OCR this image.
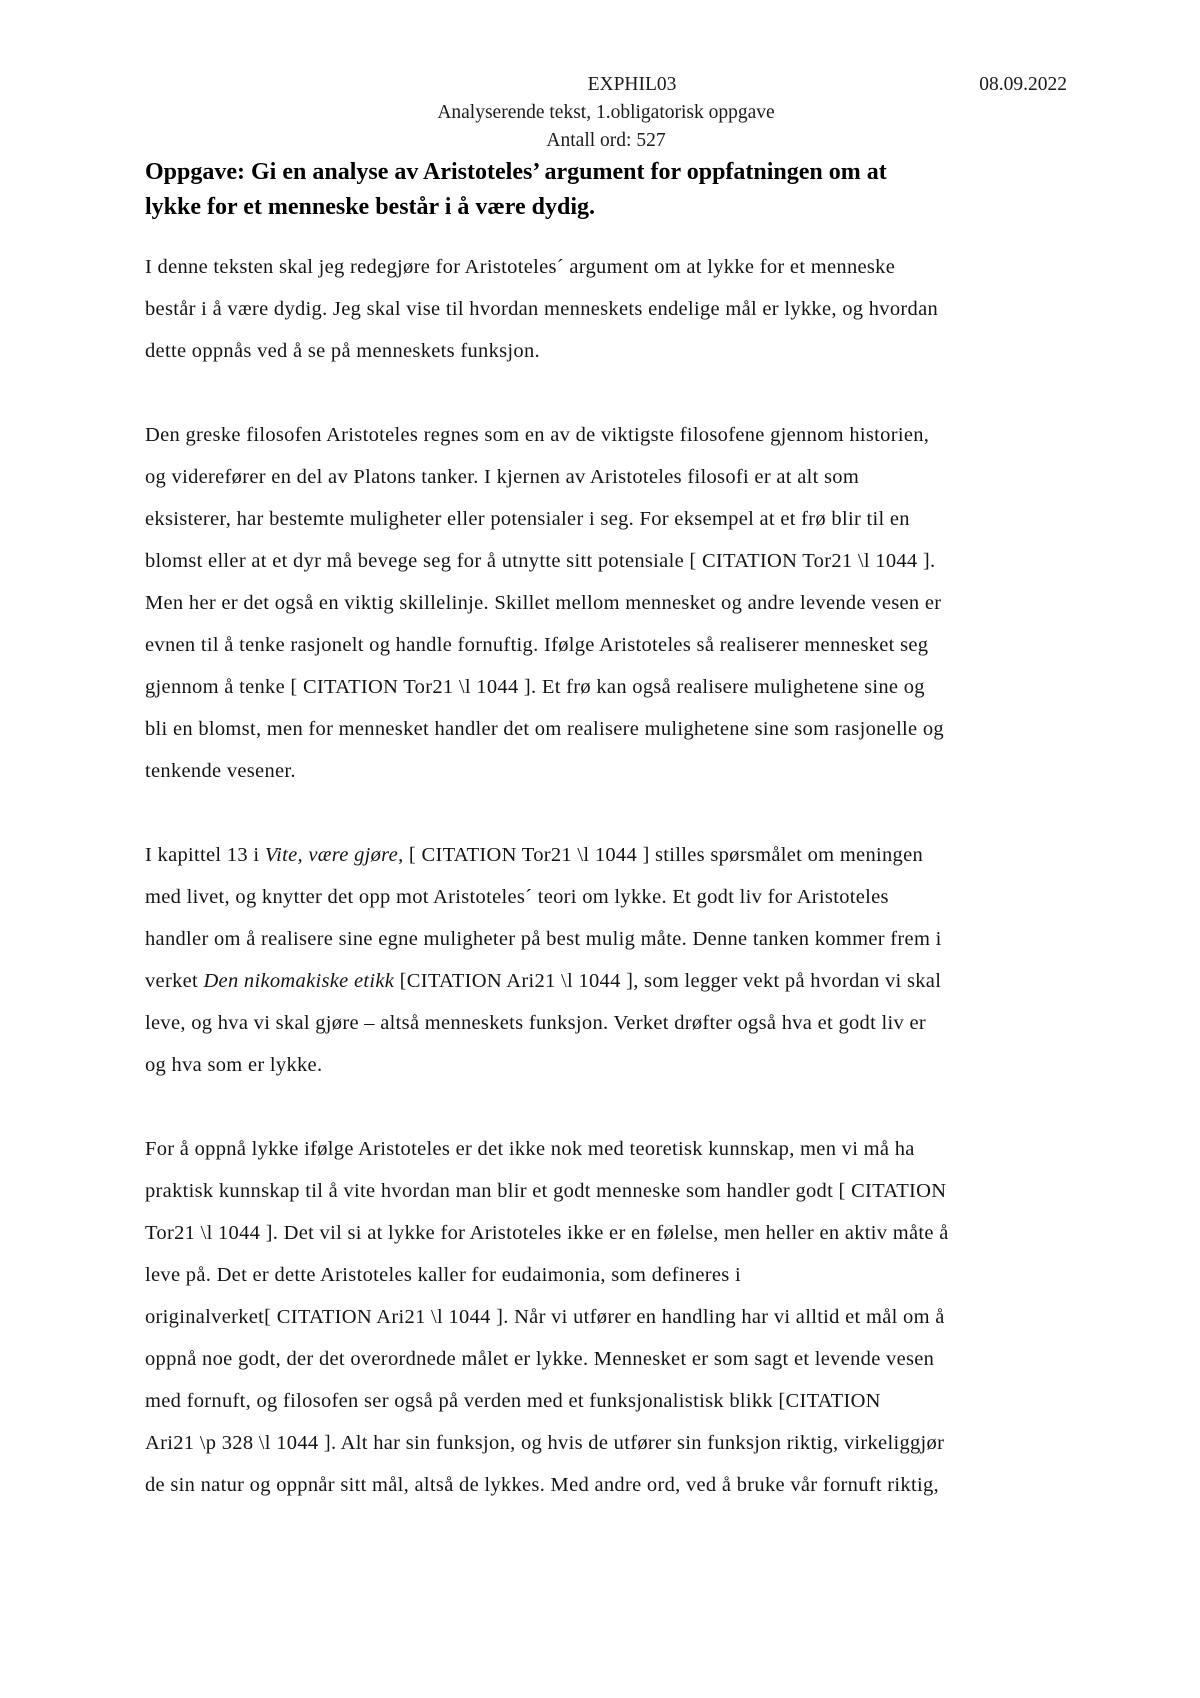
EXPHIL03	08.09.2022
Analyserende tekst, 1.obligatorisk oppgave
Antall ord: 527
Oppgave: Gi en analyse av Aristoteles’ argument for oppfatningen om at
lykke for et menneske består i å være dydig.
I denne teksten skal jeg redegjøre for Aristoteles´ argument om at lykke for et menneske
består i å være dydig. Jeg skal vise til hvordan menneskets endelige mål er lykke, og hvordan
dette oppnås ved å se på menneskets funksjon.
Den greske filosofen Aristoteles regnes som en av de viktigste filosofene gjennom historien,
og viderefører en del av Platons tanker. I kjernen av Aristoteles filosofi er at alt som
eksisterer, har bestemte muligheter eller potensialer i seg. For eksempel at et frø blir til en
blomst eller at et dyr må bevege seg for å utnytte sitt potensiale [ CITATION Tor21 \l 1044 ].
Men her er det også en viktig skillelinje. Skillet mellom mennesket og andre levende vesen er
evnen til å tenke rasjonelt og handle fornuftig. Ifølge Aristoteles så realiserer mennesket seg
gjennom å tenke [ CITATION Tor21 \l 1044 ]. Et frø kan også realisere mulighetene sine og
bli en blomst, men for mennesket handler det om realisere mulighetene sine som rasjonelle og
tenkende vesener.
I kapittel 13 i Vite, være gjøre, [ CITATION Tor21 \l 1044 ] stilles spørsmålet om meningen
med livet, og knytter det opp mot Aristoteles´ teori om lykke. Et godt liv for Aristoteles
handler om å realisere sine egne muligheter på best mulig måte. Denne tanken kommer frem i
verket Den nikomakiske etikk [CITATION Ari21 \l 1044 ], som legger vekt på hvordan vi skal
leve, og hva vi skal gjøre – altså menneskets funksjon. Verket drøfter også hva et godt liv er
og hva som er lykke.
For å oppnå lykke ifølge Aristoteles er det ikke nok med teoretisk kunnskap, men vi må ha
praktisk kunnskap til å vite hvordan man blir et godt menneske som handler godt [ CITATION
Tor21 \l 1044 ]. Det vil si at lykke for Aristoteles ikke er en følelse, men heller en aktiv måte å
leve på. Det er dette Aristoteles kaller for eudaimonia, som defineres i
originalverket[ CITATION Ari21 \l 1044 ]. Når vi utfører en handling har vi alltid et mål om å
oppnå noe godt, der det overordnede målet er lykke. Mennesket er som sagt et levende vesen
med fornuft, og filosofen ser også på verden med et funksjonalistisk blikk [CITATION
Ari21 \p 328 \l 1044 ]. Alt har sin funksjon, og hvis de utfører sin funksjon riktig, virkeliggjør
de sin natur og oppnår sitt mål, altså de lykkes. Med andre ord, ved å bruke vår fornuft riktig,
